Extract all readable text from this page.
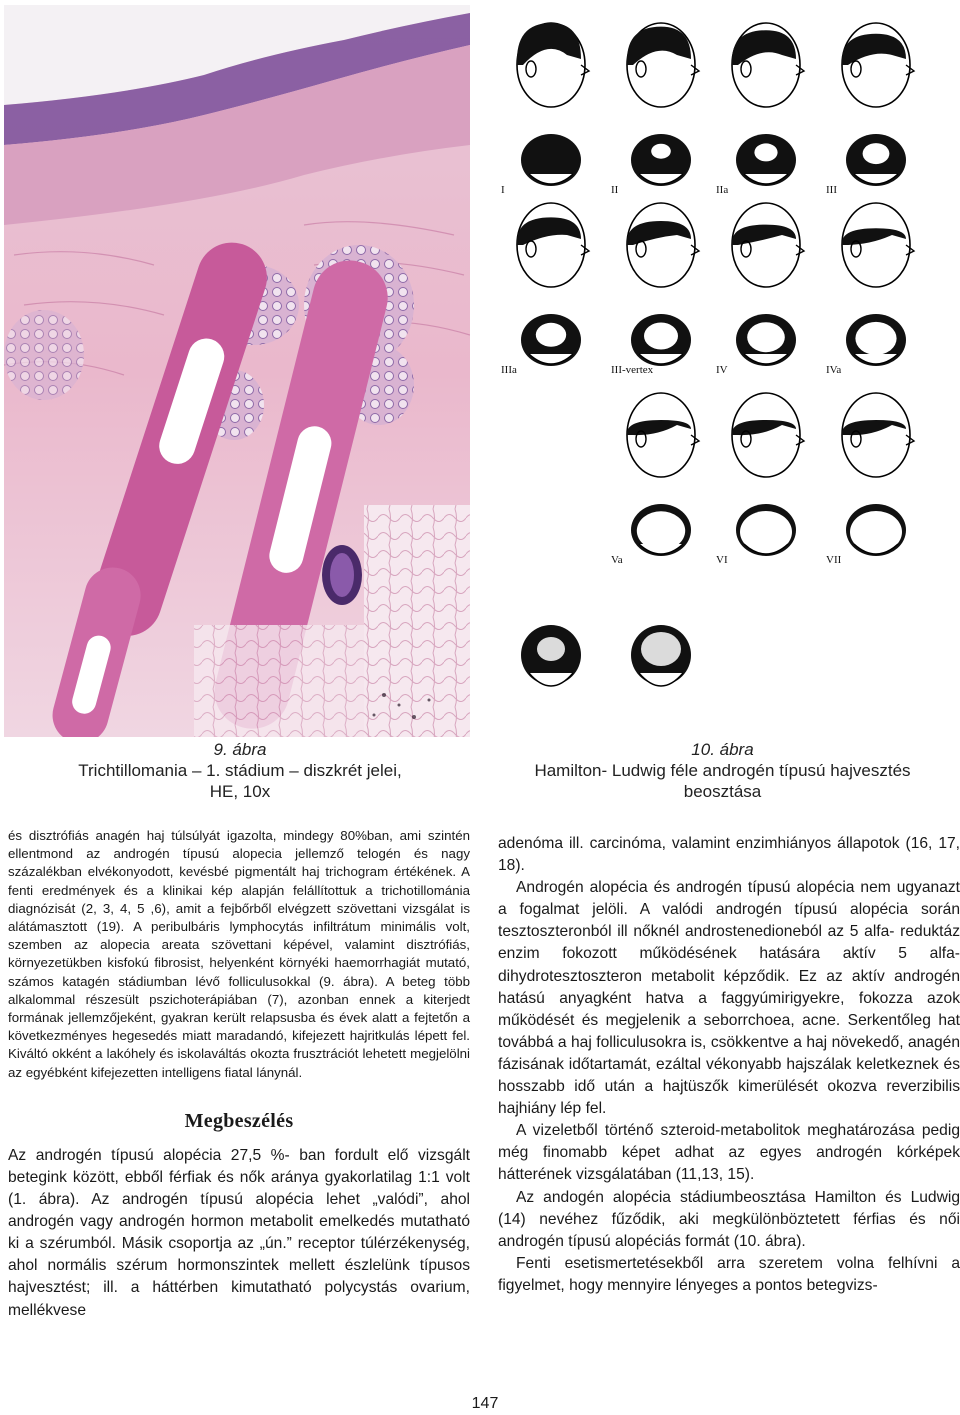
I	II	IIa	III
IIIa	III-vertex	IV	IVa
Va	VI	VII
9. ábra
Trichtillomania – 1. stádium – diszkrét jelei,
HE, 10x
10. ábra
Hamilton- Ludwig féle androgén típusú hajvesztés
beosztása

és disztrófiás anagén haj túlsúlyát igazolta, mindegy 80%ban, ami szintén ellentmond az androgén típusú alopecia jellemző telogén és nagy százalékban elvékonyodott, kevésbé pigmentált haj trichogram értékének. A fenti eredmények és a klinikai kép alapján felállítottuk a trichotillománia diagnózisát (2, 3, 4, 5 ,6), amit a fejbőrből elvégzett szövettani vizsgálat is alátámasztott (19). A peribulbáris lymphocytás infiltrátum minimális volt, szemben az alopecia areata szövettani képével, valamint disztrófiás, környezetükben kisfokú fibrosist, helyenként környéki haemorrhagiát mutató, számos katagén stádiumban lévő folliculusokkal (9. ábra). A beteg több alkalommal részesült pszichoterápiában (7), azonban ennek a kiterjedt formának jellemzőjeként, gyakran került relapsusba és évek alatt a fejtetőn a következményes hegesedés miatt maradandó, kifejezett hajritkulás lépett fel. Kiváltó okként a lakóhely és iskolaváltás okozta frusztrációt lehetett megjelölni az egyébként kifejezetten intelligens fiatal lánynál.

Megbeszélés

Az androgén típusú alopécia 27,5 %- ban fordult elő vizsgált betegink között, ebből férfiak és nők aránya gyakorlatilag 1:1 volt (1. ábra). Az androgén típusú alopécia lehet „valódi”, ahol androgén vagy androgén hormon metabolit emelkedés mutatható ki a szérumból. Másik csoportja az „ún.” receptor túlérzékenység, ahol normális szérum hormonszintek mellett észlelünk típusos hajvesztést; ill. a háttérben kimutatható polycystás ovarium, mellékvese

adenóma ill. carcinóma, valamint enzimhiányos állapotok (16, 17, 18).

Androgén alopécia és androgén típusú alopécia nem ugyanazt a fogalmat jelöli. A valódi androgén típusú alopécia során tesztoszteronból ill nőknél androstenedioneból az 5 alfa- reduktáz enzim fokozott működésének hatására aktív 5 alfa-dihydrotesztoszteron metabolit képződik. Ez az aktív androgén hatású anyagként hatva a faggyúmirigyekre, fokozza azok működését és megjelenik a seborrchoea, acne. Serkentőleg hat továbbá a haj folliculusokra is, csökkentve a haj növekedő, anagén fázisának időtartamát, ezáltal vékonyabb hajszálak keletkeznek és hosszabb idő után a hajtüszők kimerülését okozva reverzibilis hajhiány lép fel.

A vizeletből történő szteroid-metabolitok meghatározása pedig még finomabb képet adhat az egyes androgén kórképek hátterének vizsgálatában (11,13, 15).

Az andogén alopécia stádiumbeosztása Hamilton és Ludwig (14) nevéhez fűződik, aki megkülönböztetett férfias és női androgén típusú alopéciás formát (10. ábra).

Fenti esetismertetésekből arra szeretem volna felhívni a figyelmet, hogy mennyire lényeges a pontos betegvizs-

147
